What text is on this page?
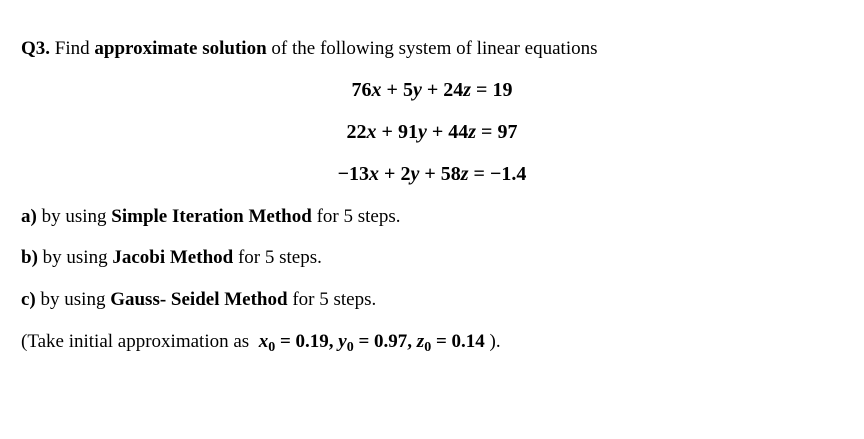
Q3. Find approximate solution of the following system of linear equations
76x + 5y + 24z = 19
22x + 91y + 44z = 97
−13x + 2y + 58z = −1.4
a) by using Simple Iteration Method for 5 steps.
b) by using Jacobi Method for 5 steps.
c) by using Gauss- Seidel Method for 5 steps.
(Take initial approximation as $x_0 = 0.19$, $y_0 = 0.97$, $z_0 = 0.14$ ).
